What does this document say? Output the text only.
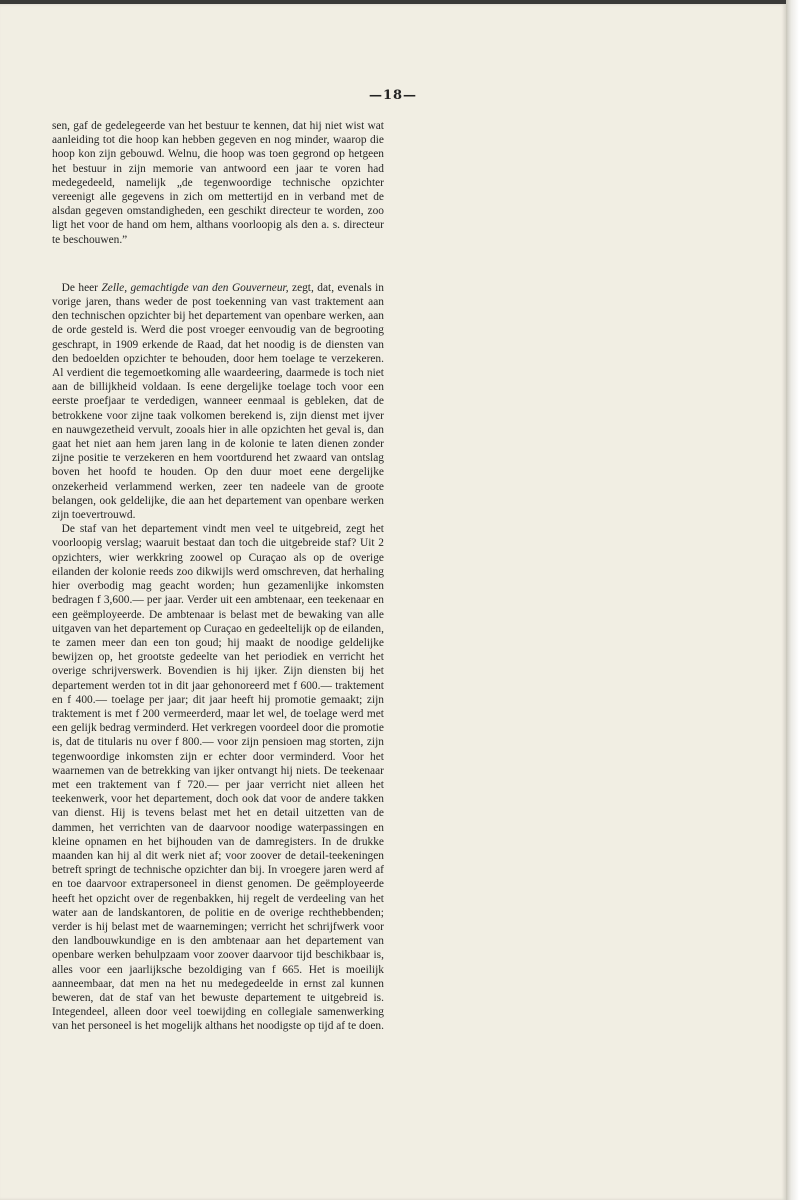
—18—

sen, gaf de gedelegeerde van het bestuur te kennen, dat hij niet wist wat aanleiding tot die hoop kan hebben gegeven en nog minder, waarop die hoop kon zijn gebouwd. Welnu, die hoop was toen gegrond op hetgeen het bestuur in zijn memorie van antwoord een jaar te voren had medegedeeld, namelijk „de tegenwoordige technische opzichter vereenigt alle gegevens in zich om mettertijd en in verband met de alsdan gegeven omstandigheden, een geschikt directeur te worden, zoo ligt het voor de hand om hem, althans voorloopig als den a. s. directeur te beschouwen.”

De heer Zelle, gemachtigde van den Gouverneur, zegt, dat, evenals in vorige jaren, thans weder de post toekenning van vast traktement aan den technischen opzichter bij het departement van openbare werken, aan de orde gesteld is. Werd die post vroeger eenvoudig van de begrooting geschrapt, in 1909 erkende de Raad, dat het noodig is de diensten van den bedoelden opzichter te behouden, door hem toelage te verzekeren. Al verdient die tegemoetkoming alle waardeering, daarmede is toch niet aan de billijkheid voldaan. Is eene dergelijke toelage toch voor een eerste proefjaar te verdedigen, wanneer eenmaal is gebleken, dat de betrokkene voor zijne taak volkomen berekend is, zijn dienst met ijver en nauwgezetheid vervult, zooals hier in alle opzichten het geval is, dan gaat het niet aan hem jaren lang in de kolonie te laten dienen zonder zijne positie te verzekeren en hem voortdurend het zwaard van ontslag boven het hoofd te houden. Op den duur moet eene dergelijke onzekerheid verlammend werken, zeer ten nadeele van de groote belangen, ook geldelijke, die aan het departement van openbare werken zijn toevertrouwd.

De staf van het departement vindt men veel te uitgebreid, zegt het voorloopig verslag; waaruit bestaat dan toch die uitgebreide staf? Uit 2 opzichters, wier werkkring zoowel op Curaçao als op de overige eilanden der kolonie reeds zoo dikwijls werd omschreven, dat herhaling hier overbodig mag geacht worden; hun gezamenlijke inkomsten bedragen f 3,600.— per jaar. Verder uit een ambtenaar, een teekenaar en een geëmployeerde. De ambtenaar is belast met de bewaking van alle uitgaven van het departement op Curaçao en gedeeltelijk op de eilanden, te zamen meer dan een ton goud; hij maakt de noodige geldelijke bewijzen op, het grootste gedeelte van het periodiek en verricht het overige schrijverswerk. Bovendien is hij ijker. Zijn diensten bij het departement werden tot in dit jaar gehonoreerd met f 600.— traktement en f 400.— toelage per jaar; dit jaar heeft hij promotie gemaakt; zijn traktement is met f 200 vermeerderd, maar let wel, de toelage werd met een gelijk bedrag verminderd. Het verkregen voordeel door die promotie is, dat de titularis nu over f 800.— voor zijn pensioen mag storten, zijn tegenwoordige inkomsten zijn er echter door verminderd. Voor het waarnemen van de betrekking van ijker ontvangt hij niets. De teekenaar met een traktement van f 720.— per jaar verricht niet alleen het teekenwerk, voor het departement, doch ook dat voor de andere takken van dienst. Hij is tevens belast met het en detail uitzetten van de dammen, het verrichten van de daarvoor noodige waterpassingen en kleine opnamen en het bijhouden van de damregisters. In de drukke maanden kan hij al dit werk niet af; voor zoover de detail-teekeningen betreft springt de technische opzichter dan bij. In vroegere jaren werd af en toe daarvoor extrapersoneel in dienst genomen. De geëmployeerde heeft het opzicht over de regenbakken, hij regelt de verdeeling van het water aan de landskantoren, de politie en de overige rechthebbenden; verder is hij belast met de waarnemingen; verricht het schrijfwerk voor den landbouwkundige en is den ambtenaar aan het departement van openbare werken behulpzaam voor zoover daarvoor tijd beschikbaar is, alles voor een jaarlijksche bezoldiging van f 665. Het is moeilijk aanneembaar, dat men na het nu medegedeelde in ernst zal kunnen beweren, dat de staf van het bewuste departement te uitgebreid is. Integendeel, alleen door veel toewijding en collegiale samenwerking van het personeel is het mogelijk althans het noodigste op tijd af te doen.
